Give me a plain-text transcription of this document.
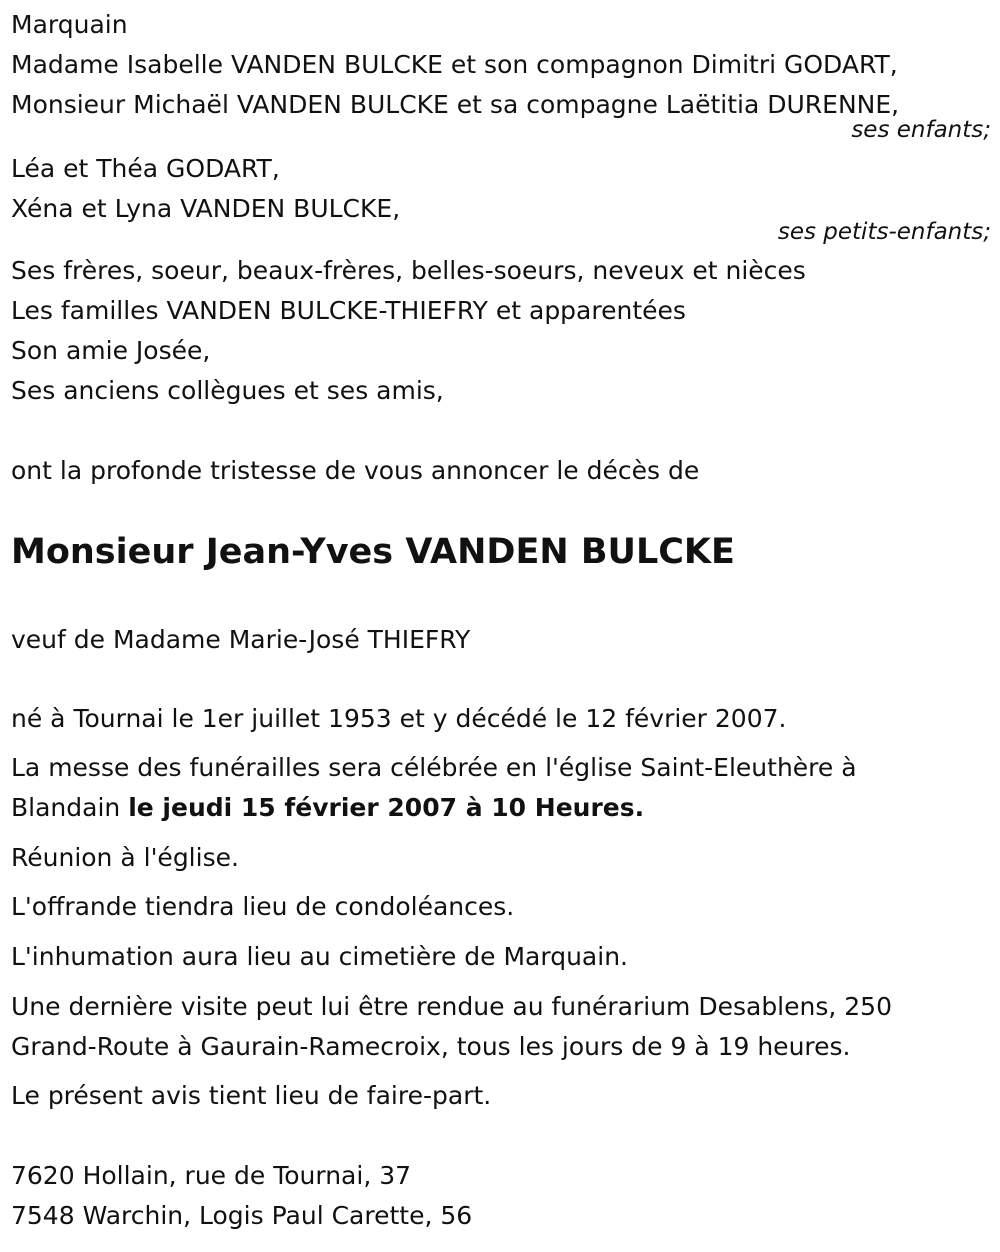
Marquain
Madame Isabelle VANDEN BULCKE et son compagnon Dimitri GODART,
Monsieur Michaël VANDEN BULCKE et sa compagne Laëtitia DURENNE,
ses enfants;
Léa et Théa GODART,
Xéna et Lyna VANDEN BULCKE,
ses petits-enfants;
Ses frères, soeur, beaux-frères, belles-soeurs, neveux et nièces
Les familles VANDEN BULCKE-THIEFRY et apparentées
Son amie Josée,
Ses anciens collègues et ses amis,
ont la profonde tristesse de vous annoncer le décès de
Monsieur Jean-Yves VANDEN BULCKE
veuf de Madame Marie-José THIEFRY
né à Tournai le 1er juillet 1953 et y décédé le 12 février 2007.
La messe des funérailles sera célébrée en l'église Saint-Eleuthère à
Blandain le jeudi 15 février 2007 à 10 Heures.
Réunion à l'église.
L'offrande tiendra lieu de condoléances.
L'inhumation aura lieu au cimetière de Marquain.
Une dernière visite peut lui être rendue au funérarium Desablens, 250
Grand-Route à Gaurain-Ramecroix, tous les jours de 9 à 19 heures.
Le présent avis tient lieu de faire-part.
7620 Hollain, rue de Tournai, 37
7548 Warchin, Logis Paul Carette, 56
